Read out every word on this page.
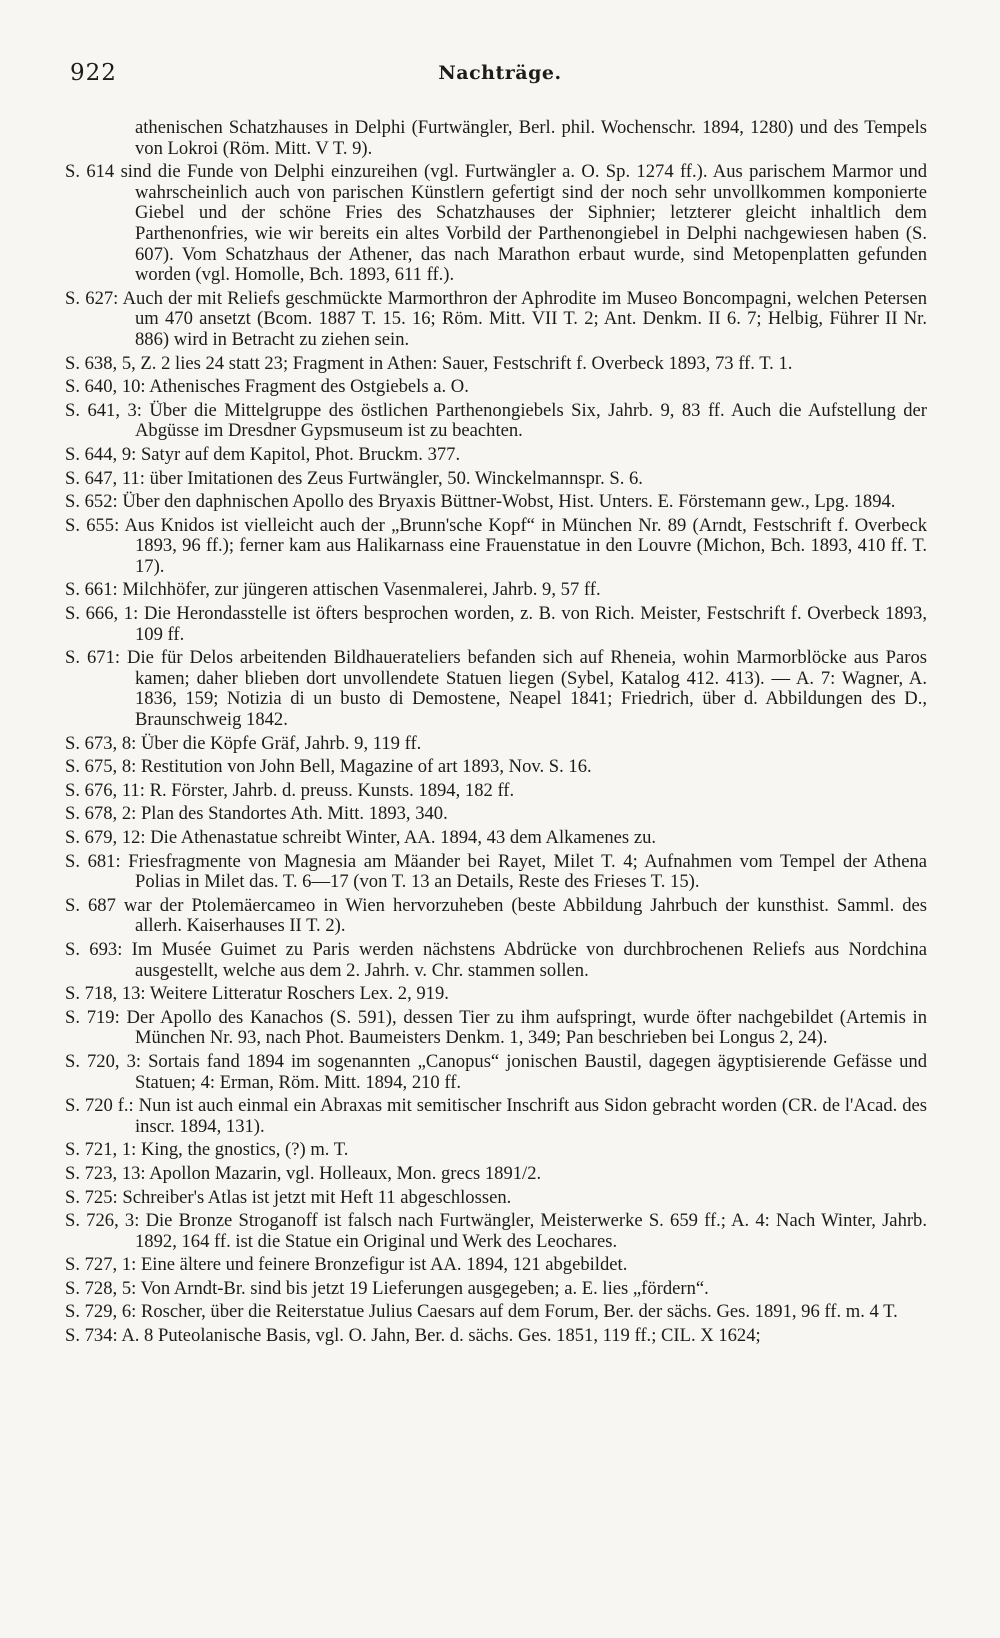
922	Nachträge.

athenischen Schatzhauses in Delphi (Furtwängler, Berl. phil. Wochenschr. 1894, 1280) und des Tempels von Lokroi (Röm. Mitt. V T. 9).

S. 614 sind die Funde von Delphi einzureihen (vgl. Furtwängler a. O. Sp. 1274 ff.). Aus parischem Marmor und wahrscheinlich auch von parischen Künstlern gefertigt sind der noch sehr unvollkommen komponierte Giebel und der schöne Fries des Schatzhauses der Siphnier; letzterer gleicht inhaltlich dem Parthenonfries, wie wir bereits ein altes Vorbild der Parthenongiebel in Delphi nachgewiesen haben (S. 607). Vom Schatzhaus der Athener, das nach Marathon erbaut wurde, sind Metopenplatten gefunden worden (vgl. Homolle, Bch. 1893, 611 ff.).

S. 627: Auch der mit Reliefs geschmückte Marmorthron der Aphrodite im Museo Boncompagni, welchen Petersen um 470 ansetzt (Bcom. 1887 T. 15. 16; Röm. Mitt. VII T. 2; Ant. Denkm. II 6. 7; Helbig, Führer II Nr. 886) wird in Betracht zu ziehen sein.

S. 638, 5, Z. 2 lies 24 statt 23; Fragment in Athen: Sauer, Festschrift f. Overbeck 1893, 73 ff. T. 1.

S. 640, 10: Athenisches Fragment des Ostgiebels a. O.

S. 641, 3: Über die Mittelgruppe des östlichen Parthenongiebels Six, Jahrb. 9, 83 ff. Auch die Aufstellung der Abgüsse im Dresdner Gypsmuseum ist zu beachten.

S. 644, 9: Satyr auf dem Kapitol, Phot. Bruckm. 377.

S. 647, 11: über Imitationen des Zeus Furtwängler, 50. Winckelmannspr. S. 6.

S. 652: Über den daphnischen Apollo des Bryaxis Büttner-Wobst, Hist. Unters. E. Förstemann gew., Lpg. 1894.

S. 655: Aus Knidos ist vielleicht auch der „Brunn'sche Kopf“ in München Nr. 89 (Arndt, Festschrift f. Overbeck 1893, 96 ff.); ferner kam aus Halikarnass eine Frauenstatue in den Louvre (Michon, Bch. 1893, 410 ff. T. 17).

S. 661: Milchhöfer, zur jüngeren attischen Vasenmalerei, Jahrb. 9, 57 ff.

S. 666, 1: Die Herondasstelle ist öfters besprochen worden, z. B. von Rich. Meister, Festschrift f. Overbeck 1893, 109 ff.

S. 671: Die für Delos arbeitenden Bildhauerateliers befanden sich auf Rheneia, wohin Marmorblöcke aus Paros kamen; daher blieben dort unvollendete Statuen liegen (Sybel, Katalog 412. 413). — A. 7: Wagner, A. 1836, 159; Notizia di un busto di Demostene, Neapel 1841; Friedrich, über d. Abbildungen des D., Braunschweig 1842.

S. 673, 8: Über die Köpfe Gräf, Jahrb. 9, 119 ff.

S. 675, 8: Restitution von John Bell, Magazine of art 1893, Nov. S. 16.

S. 676, 11: R. Förster, Jahrb. d. preuss. Kunsts. 1894, 182 ff.

S. 678, 2: Plan des Standortes Ath. Mitt. 1893, 340.

S. 679, 12: Die Athenastatue schreibt Winter, AA. 1894, 43 dem Alkamenes zu.

S. 681: Friesfragmente von Magnesia am Mäander bei Rayet, Milet T. 4; Aufnahmen vom Tempel der Athena Polias in Milet das. T. 6—17 (von T. 13 an Details, Reste des Frieses T. 15).

S. 687 war der Ptolemäercameo in Wien hervorzuheben (beste Abbildung Jahrbuch der kunsthist. Samml. des allerh. Kaiserhauses II T. 2).

S. 693: Im Musée Guimet zu Paris werden nächstens Abdrücke von durchbrochenen Reliefs aus Nordchina ausgestellt, welche aus dem 2. Jahrh. v. Chr. stammen sollen.

S. 718, 13: Weitere Litteratur Roschers Lex. 2, 919.

S. 719: Der Apollo des Kanachos (S. 591), dessen Tier zu ihm aufspringt, wurde öfter nachgebildet (Artemis in München Nr. 93, nach Phot. Baumeisters Denkm. 1, 349; Pan beschrieben bei Longus 2, 24).

S. 720, 3: Sortais fand 1894 im sogenannten „Canopus“ jonischen Baustil, dagegen ägyptisierende Gefässe und Statuen; 4: Erman, Röm. Mitt. 1894, 210 ff.

S. 720 f.: Nun ist auch einmal ein Abraxas mit semitischer Inschrift aus Sidon gebracht worden (CR. de l'Acad. des inscr. 1894, 131).

S. 721, 1: King, the gnostics, (?) m. T.

S. 723, 13: Apollon Mazarin, vgl. Holleaux, Mon. grecs 1891/2.

S. 725: Schreiber's Atlas ist jetzt mit Heft 11 abgeschlossen.

S. 726, 3: Die Bronze Stroganoff ist falsch nach Furtwängler, Meisterwerke S. 659 ff.; A. 4: Nach Winter, Jahrb. 1892, 164 ff. ist die Statue ein Original und Werk des Leochares.

S. 727, 1: Eine ältere und feinere Bronzefigur ist AA. 1894, 121 abgebildet.

S. 728, 5: Von Arndt-Br. sind bis jetzt 19 Lieferungen ausgegeben; a. E. lies „fördern“.

S. 729, 6: Roscher, über die Reiterstatue Julius Caesars auf dem Forum, Ber. der sächs. Ges. 1891, 96 ff. m. 4 T.

S. 734: A. 8 Puteolanische Basis, vgl. O. Jahn, Ber. d. sächs. Ges. 1851, 119 ff.; CIL. X 1624;
